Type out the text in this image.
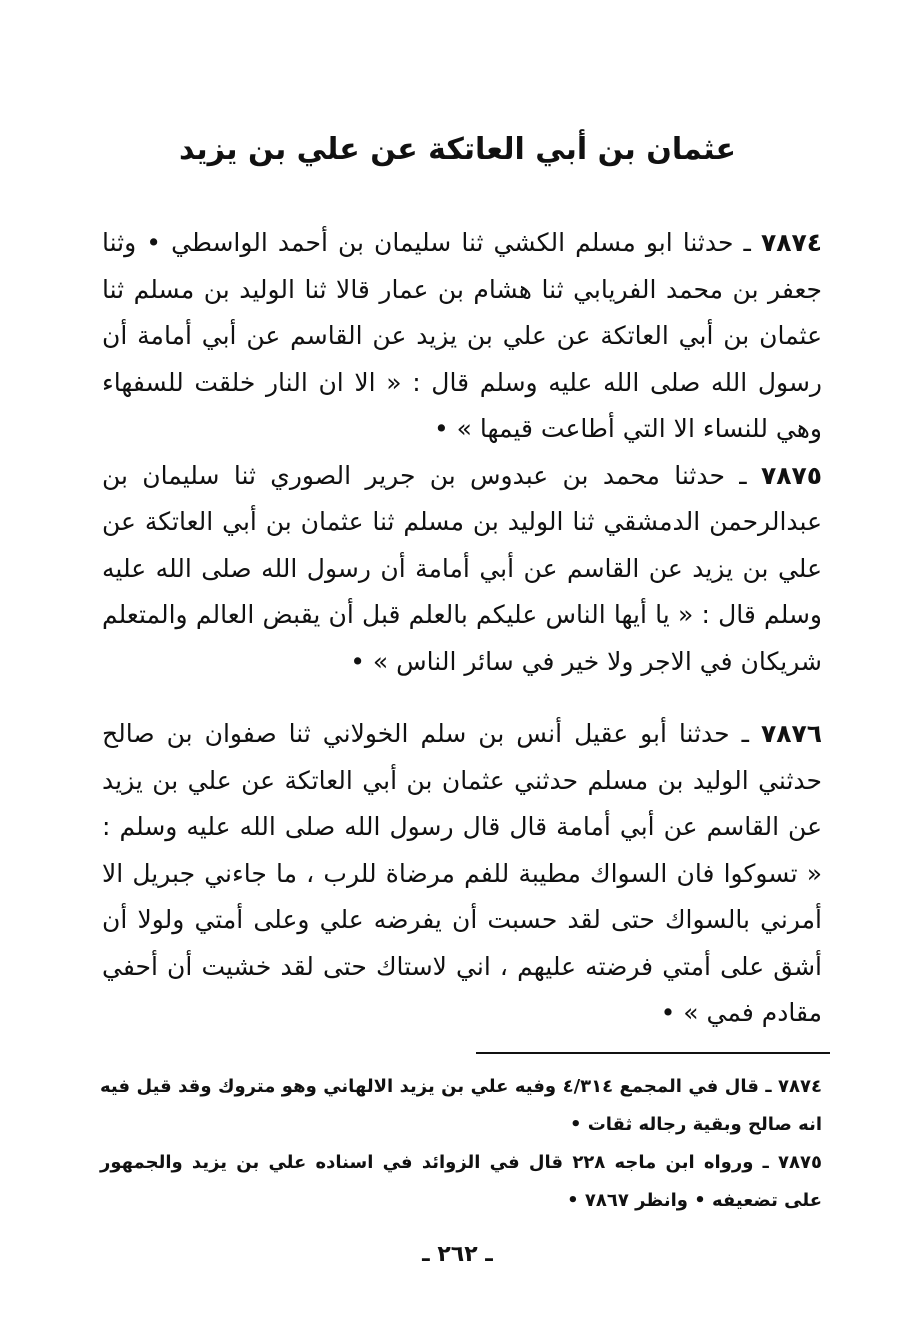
عثمان بن أبي العاتكة عن علي بن يزيد

٧٨٧٤ ـ حدثنا ابو مسلم الكشي ثنا سليمان بن أحمد الواسطي • وثنا جعفر بن محمد الفريابي ثنا هشام بن عمار قالا ثنا الوليد بن مسلم ثنا عثمان بن أبي العاتكة عن علي بن يزيد عن القاسم عن أبي أمامة أن رسول الله صلى الله عليه وسلم قال : « الا ان النار خلقت للسفهاء وهي للنساء الا التي أطاعت قيمها » •

٧٨٧٥ ـ حدثنا محمد بن عبدوس بن جرير الصوري ثنا سليمان بن عبدالرحمن الدمشقي ثنا الوليد بن مسلم ثنا عثمان بن أبي العاتكة عن علي بن يزيد عن القاسم عن أبي أمامة أن رسول الله صلى الله عليه وسلم قال : « يا أيها الناس عليكم بالعلم قبل أن يقبض العالم والمتعلم شريكان في الاجر ولا خير في سائر الناس » •

٧٨٧٦ ـ حدثنا أبو عقيل أنس بن سلم الخولاني ثنا صفوان بن صالح حدثني الوليد بن مسلم حدثني عثمان بن أبي العاتكة عن علي بن يزيد عن القاسم عن أبي أمامة قال قال رسول الله صلى الله عليه وسلم : « تسوكوا فان السواك مطيبة للفم مرضاة للرب ، ما جاءني جبريل الا أمرني بالسواك حتى لقد حسبت أن يفرضه علي وعلى أمتي ولولا أن أشق على أمتي فرضته عليهم ، اني لاستاك حتى لقد خشيت أن أحفي مقادم فمي » •

٧٨٧٤ ـ قال في المجمع ٤/٣١٤ وفيه علي بن يزيد الالهاني وهو متروك وقد قيل فيه انه صالح وبقية رجاله ثقات •

٧٨٧٥ ـ ورواه ابن ماجه ٢٢٨ قال في الزوائد في اسناده علي بن يزيد والجمهور على تضعيفه • وانظر ٧٨٦٧ •

ـ ٢٦٢ ـ
